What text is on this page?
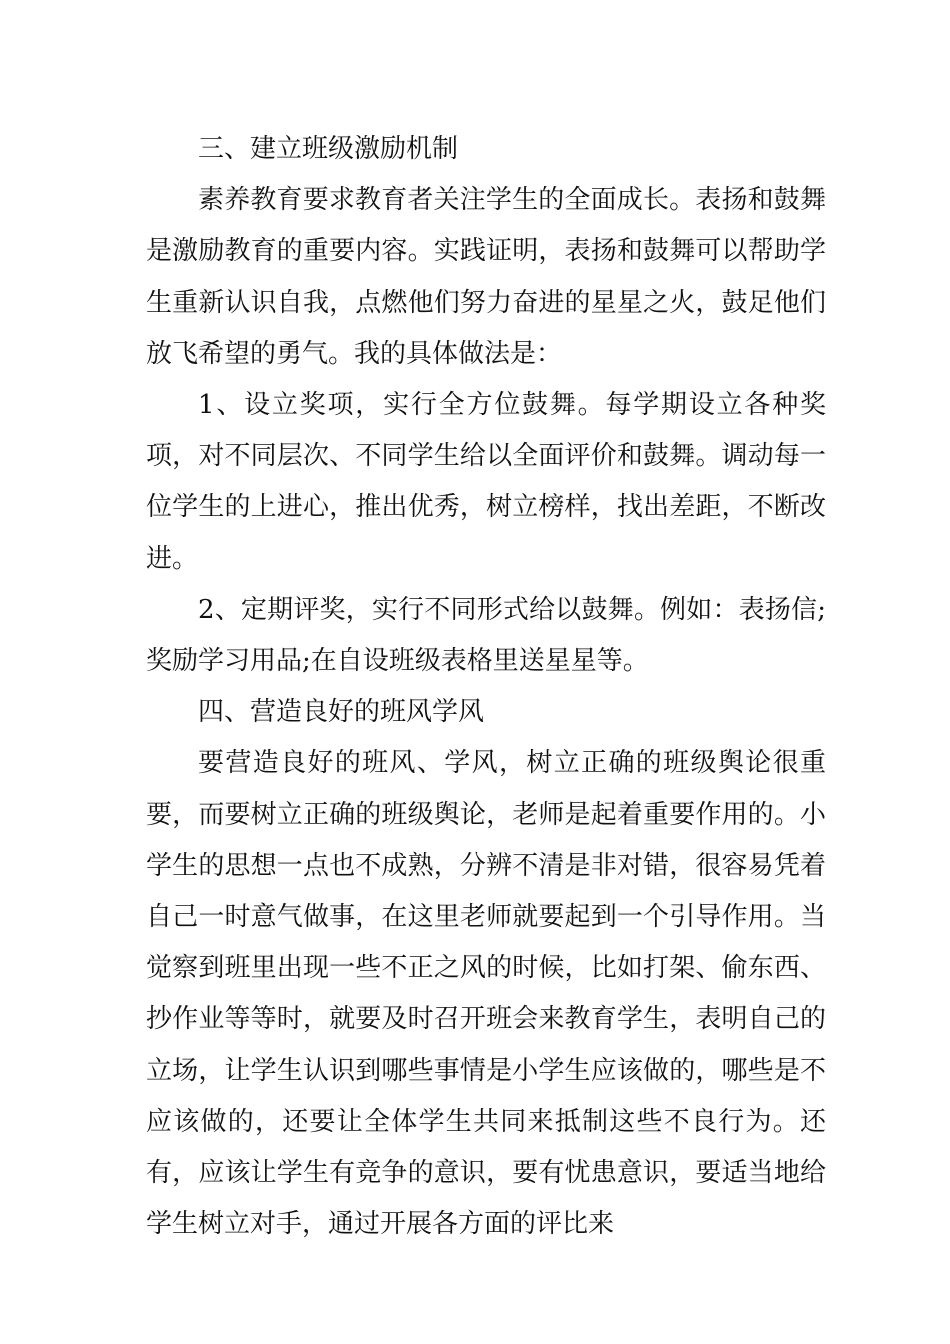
三、建立班级激励机制

素养教育要求教育者关注学生的全面成长。表扬和鼓舞是激励教育的重要内容。实践证明，表扬和鼓舞可以帮助学生重新认识自我，点燃他们努力奋进的星星之火，鼓足他们放飞希望的勇气。我的具体做法是：

1、设立奖项，实行全方位鼓舞。每学期设立各种奖项，对不同层次、不同学生给以全面评价和鼓舞。调动每一位学生的上进心，推出优秀，树立榜样，找出差距，不断改进。

2、定期评奖，实行不同形式给以鼓舞。例如：表扬信;奖励学习用品;在自设班级表格里送星星等。

四、营造良好的班风学风

要营造良好的班风、学风，树立正确的班级舆论很重要，而要树立正确的班级舆论，老师是起着重要作用的。小学生的思想一点也不成熟，分辨不清是非对错，很容易凭着自己一时意气做事，在这里老师就要起到一个引导作用。当觉察到班里出现一些不正之风的时候，比如打架、偷东西、抄作业等等时，就要及时召开班会来教育学生，表明自己的立场，让学生认识到哪些事情是小学生应该做的，哪些是不应该做的，还要让全体学生共同来抵制这些不良行为。还有，应该让学生有竞争的意识，要有忧患意识，要适当地给学生树立对手，通过开展各方面的评比来
